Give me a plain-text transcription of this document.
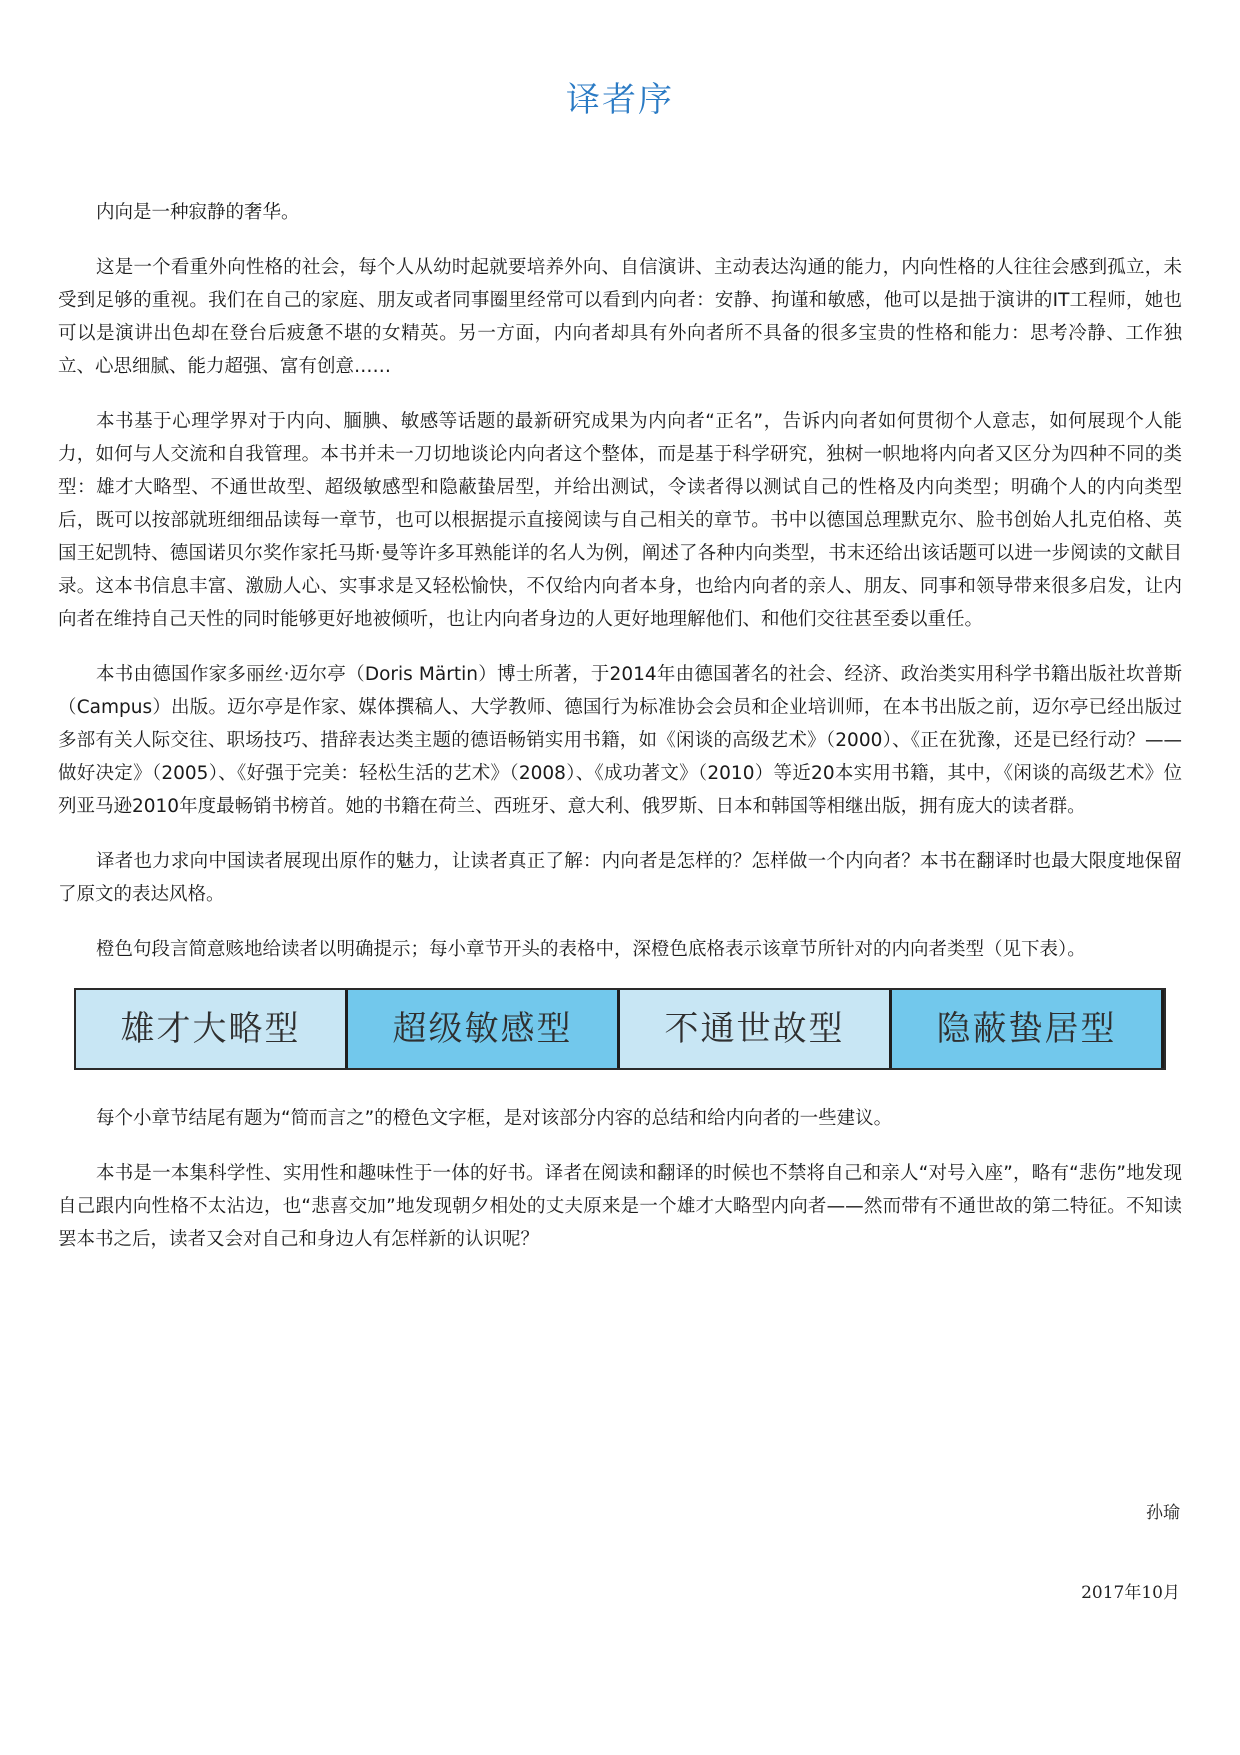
译者序

内向是一种寂静的奢华。

这是一个看重外向性格的社会，每个人从幼时起就要培养外向、自信演讲、主动表达沟通的能力，内向性格的人往往会感到孤立，未受到足够的重视。我们在自己的家庭、朋友或者同事圈里经常可以看到内向者：安静、拘谨和敏感，他可以是拙于演讲的IT工程师，她也可以是演讲出色却在登台后疲惫不堪的女精英。另一方面，内向者却具有外向者所不具备的很多宝贵的性格和能力：思考冷静、工作独立、心思细腻、能力超强、富有创意……

本书基于心理学界对于内向、腼腆、敏感等话题的最新研究成果为内向者“正名”，告诉内向者如何贯彻个人意志，如何展现个人能力，如何与人交流和自我管理。本书并未一刀切地谈论内向者这个整体，而是基于科学研究，独树一帜地将内向者又区分为四种不同的类型：雄才大略型、不通世故型、超级敏感型和隐蔽蛰居型，并给出测试，令读者得以测试自己的性格及内向类型；明确个人的内向类型后，既可以按部就班细细品读每一章节，也可以根据提示直接阅读与自己相关的章节。书中以德国总理默克尔、脸书创始人扎克伯格、英国王妃凯特、德国诺贝尔奖作家托马斯·曼等许多耳熟能详的名人为例，阐述了各种内向类型，书末还给出该话题可以进一步阅读的文献目录。这本书信息丰富、激励人心、实事求是又轻松愉快，不仅给内向者本身，也给内向者的亲人、朋友、同事和领导带来很多启发，让内向者在维持自己天性的同时能够更好地被倾听，也让内向者身边的人更好地理解他们、和他们交往甚至委以重任。

本书由德国作家多丽丝·迈尔亭（Doris Märtin）博士所著，于2014年由德国著名的社会、经济、政治类实用科学书籍出版社坎普斯（Campus）出版。迈尔亭是作家、媒体撰稿人、大学教师、德国行为标准协会会员和企业培训师，在本书出版之前，迈尔亭已经出版过多部有关人际交往、职场技巧、措辞表达类主题的德语畅销实用书籍，如《闲谈的高级艺术》（2000）、《正在犹豫，还是已经行动？——做好决定》（2005）、《好强于完美：轻松生活的艺术》（2008）、《成功著文》（2010）等近20本实用书籍，其中，《闲谈的高级艺术》位列亚马逊2010年度最畅销书榜首。她的书籍在荷兰、西班牙、意大利、俄罗斯、日本和韩国等相继出版，拥有庞大的读者群。

译者也力求向中国读者展现出原作的魅力，让读者真正了解：内向者是怎样的？怎样做一个内向者？本书在翻译时也最大限度地保留了原文的表达风格。

橙色句段言简意赅地给读者以明确提示；每小章节开头的表格中，深橙色底格表示该章节所针对的内向者类型（见下表）。

雄才大略型	超级敏感型	不通世故型	隐蔽蛰居型

每个小章节结尾有题为“简而言之”的橙色文字框，是对该部分内容的总结和给内向者的一些建议。

本书是一本集科学性、实用性和趣味性于一体的好书。译者在阅读和翻译的时候也不禁将自己和亲人“对号入座”，略有“悲伤”地发现自己跟内向性格不太沾边，也“悲喜交加”地发现朝夕相处的丈夫原来是一个雄才大略型内向者——然而带有不通世故的第二特征。不知读罢本书之后，读者又会对自己和身边人有怎样新的认识呢？

孙瑜
2017年10月
